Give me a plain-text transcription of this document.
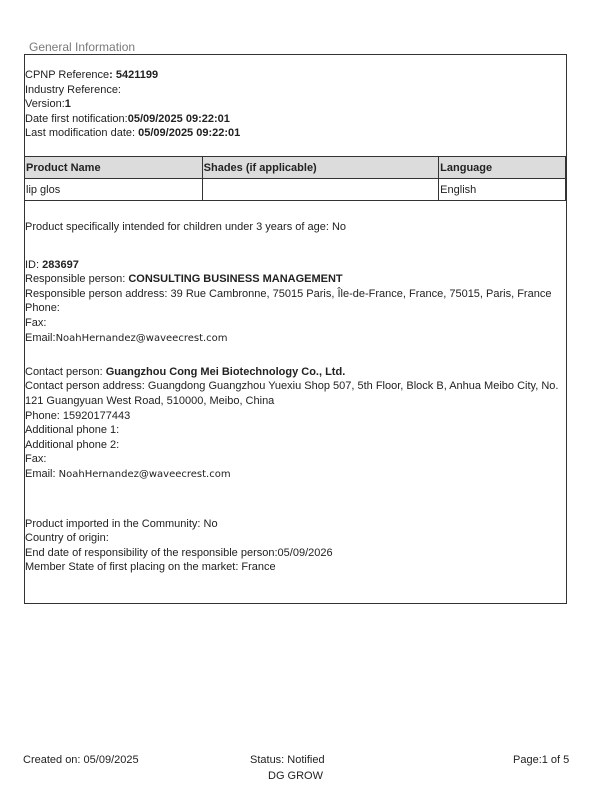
General Information
CPNP Reference: 5421199
Industry Reference:
Version:1
Date first notification:05/09/2025 09:22:01
Last modification date: 05/09/2025 09:22:01
Product Name	Shades (if applicable)	Language
lip glos		English
Product specifically intended for children under 3 years of age: No
ID: 283697
Responsible person: CONSULTING BUSINESS MANAGEMENT
Responsible person address: 39 Rue Cambronne, 75015 Paris, Île-de-France, France, 75015, Paris, France
Phone:
Fax:
Email:NoahHernandez@waveecrest.com
Contact person: Guangzhou Cong Mei Biotechnology Co., Ltd.
Contact person address: Guangdong Guangzhou Yuexiu Shop 507, 5th Floor, Block B, Anhua Meibo City, No.
121 Guangyuan West Road, 510000, Meibo, China
Phone: 15920177443
Additional phone 1:
Additional phone 2:
Fax:
Email: NoahHernandez@waveecrest.com
Product imported in the Community: No
Country of origin:
End date of responsibility of the responsible person:05/09/2026
Member State of first placing on the market: France
Created on: 05/09/2025	Status: Notified
DG GROW
Page:1 of 5
